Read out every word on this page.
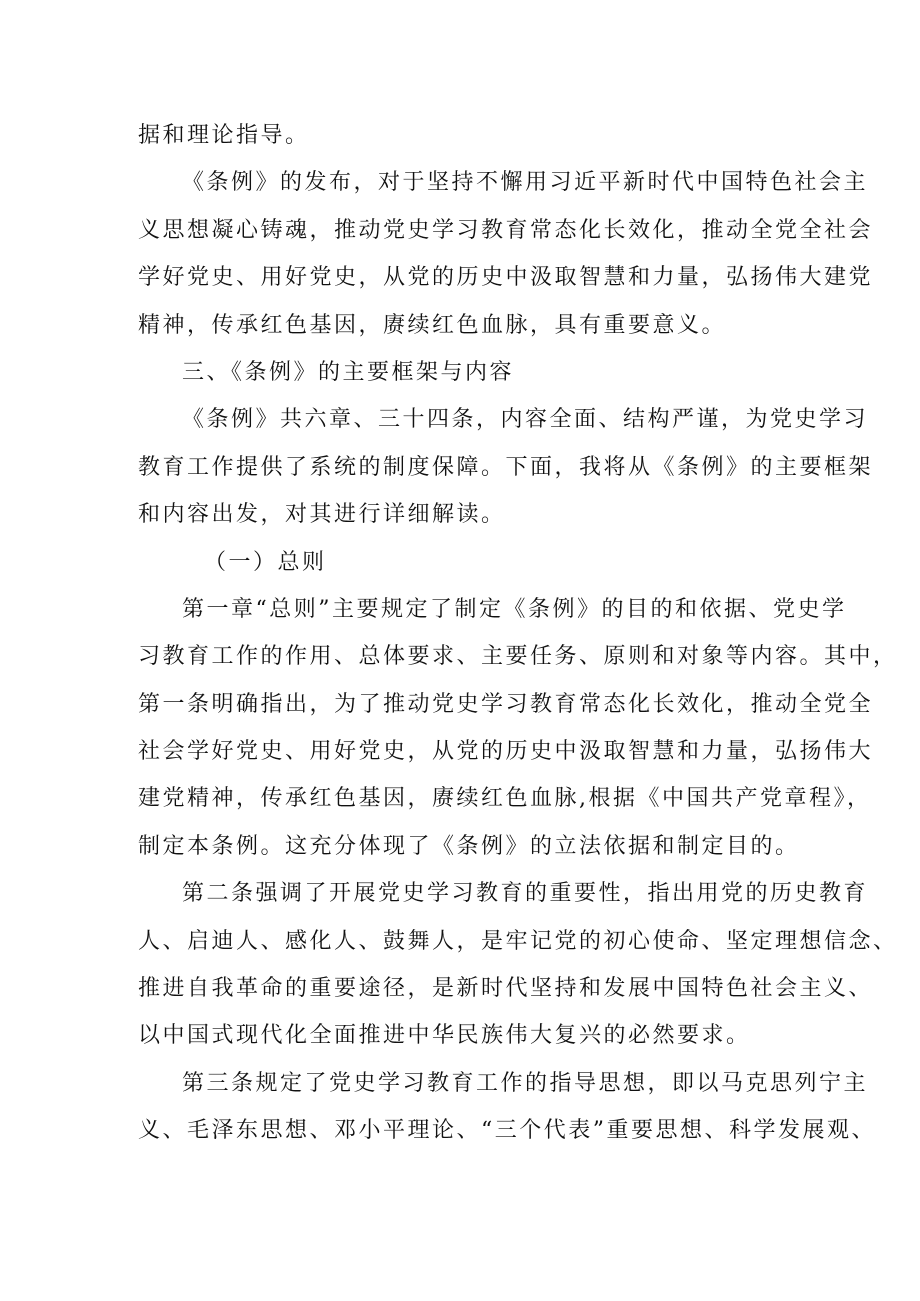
据和理论指导。
《条例》的发布，对于坚持不懈用习近平新时代中国特色社会主
义思想凝心铸魂，推动党史学习教育常态化长效化，推动全党全社会
学好党史、用好党史，从党的历史中汲取智慧和力量，弘扬伟大建党
精神，传承红色基因，赓续红色血脉，具有重要意义。
三、《条例》的主要框架与内容
《条例》共六章、三十四条，内容全面、结构严谨，为党史学习
教育工作提供了系统的制度保障。下面，我将从《条例》的主要框架
和内容出发，对其进行详细解读。
（一）总则
第一章“总则”主要规定了制定《条例》的目的和依据、党史学
习教育工作的作用、总体要求、主要任务、原则和对象等内容。其中，
第一条明确指出，为了推动党史学习教育常态化长效化，推动全党全
社会学好党史、用好党史，从党的历史中汲取智慧和力量，弘扬伟大
建党精神，传承红色基因，赓续红色血脉,根据《中国共产党章程》，
制定本条例。这充分体现了《条例》的立法依据和制定目的。
第二条强调了开展党史学习教育的重要性，指出用党的历史教育
人、启迪人、感化人、鼓舞人，是牢记党的初心使命、坚定理想信念、
推进自我革命的重要途径，是新时代坚持和发展中国特色社会主义、
以中国式现代化全面推进中华民族伟大复兴的必然要求。
第三条规定了党史学习教育工作的指导思想，即以马克思列宁主
义、毛泽东思想、邓小平理论、“三个代表”重要思想、科学发展观、
